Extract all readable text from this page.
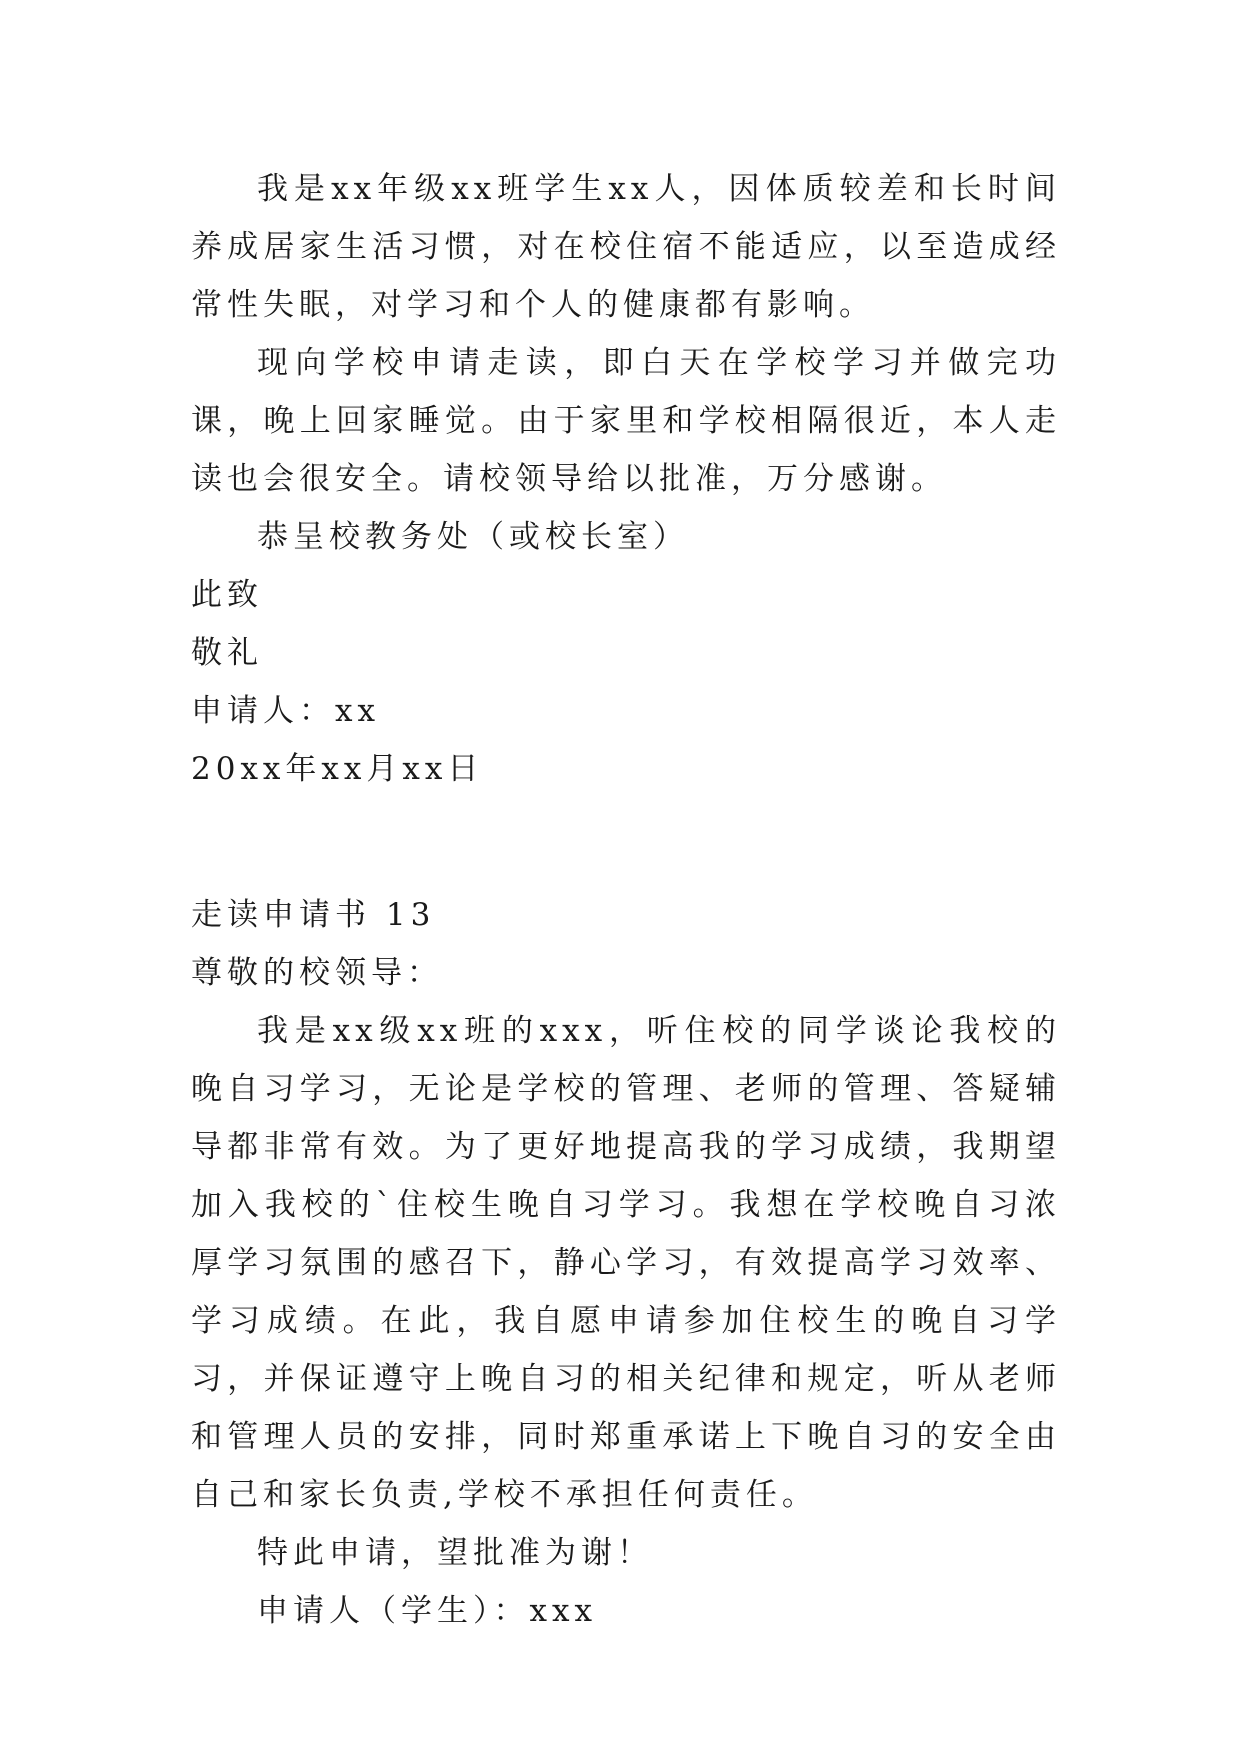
我是xx年级xx班学生xx人，因体质较差和长时间养成居家生活习惯，对在校住宿不能适应，以至造成经常性失眠，对学习和个人的健康都有影响。

现向学校申请走读，即白天在学校学习并做完功课，晚上回家睡觉。由于家里和学校相隔很近，本人走读也会很安全。请校领导给以批准，万分感谢。

恭呈校教务处（或校长室）

此致

敬礼

申请人：xx

20xx年xx月xx日

走读申请书 13

尊敬的校领导：

我是xx级xx班的xxx，听住校的同学谈论我校的晚自习学习，无论是学校的管理、老师的管理、答疑辅导都非常有效。为了更好地提高我的学习成绩，我期望加入我校的`住校生晚自习学习。我想在学校晚自习浓厚学习氛围的感召下，静心学习，有效提高学习效率、学习成绩。在此，我自愿申请参加住校生的晚自习学习，并保证遵守上晚自习的相关纪律和规定，听从老师和管理人员的安排，同时郑重承诺上下晚自习的安全由自己和家长负责,学校不承担任何责任。

特此申请，望批准为谢！

申请人（学生）：xxx
